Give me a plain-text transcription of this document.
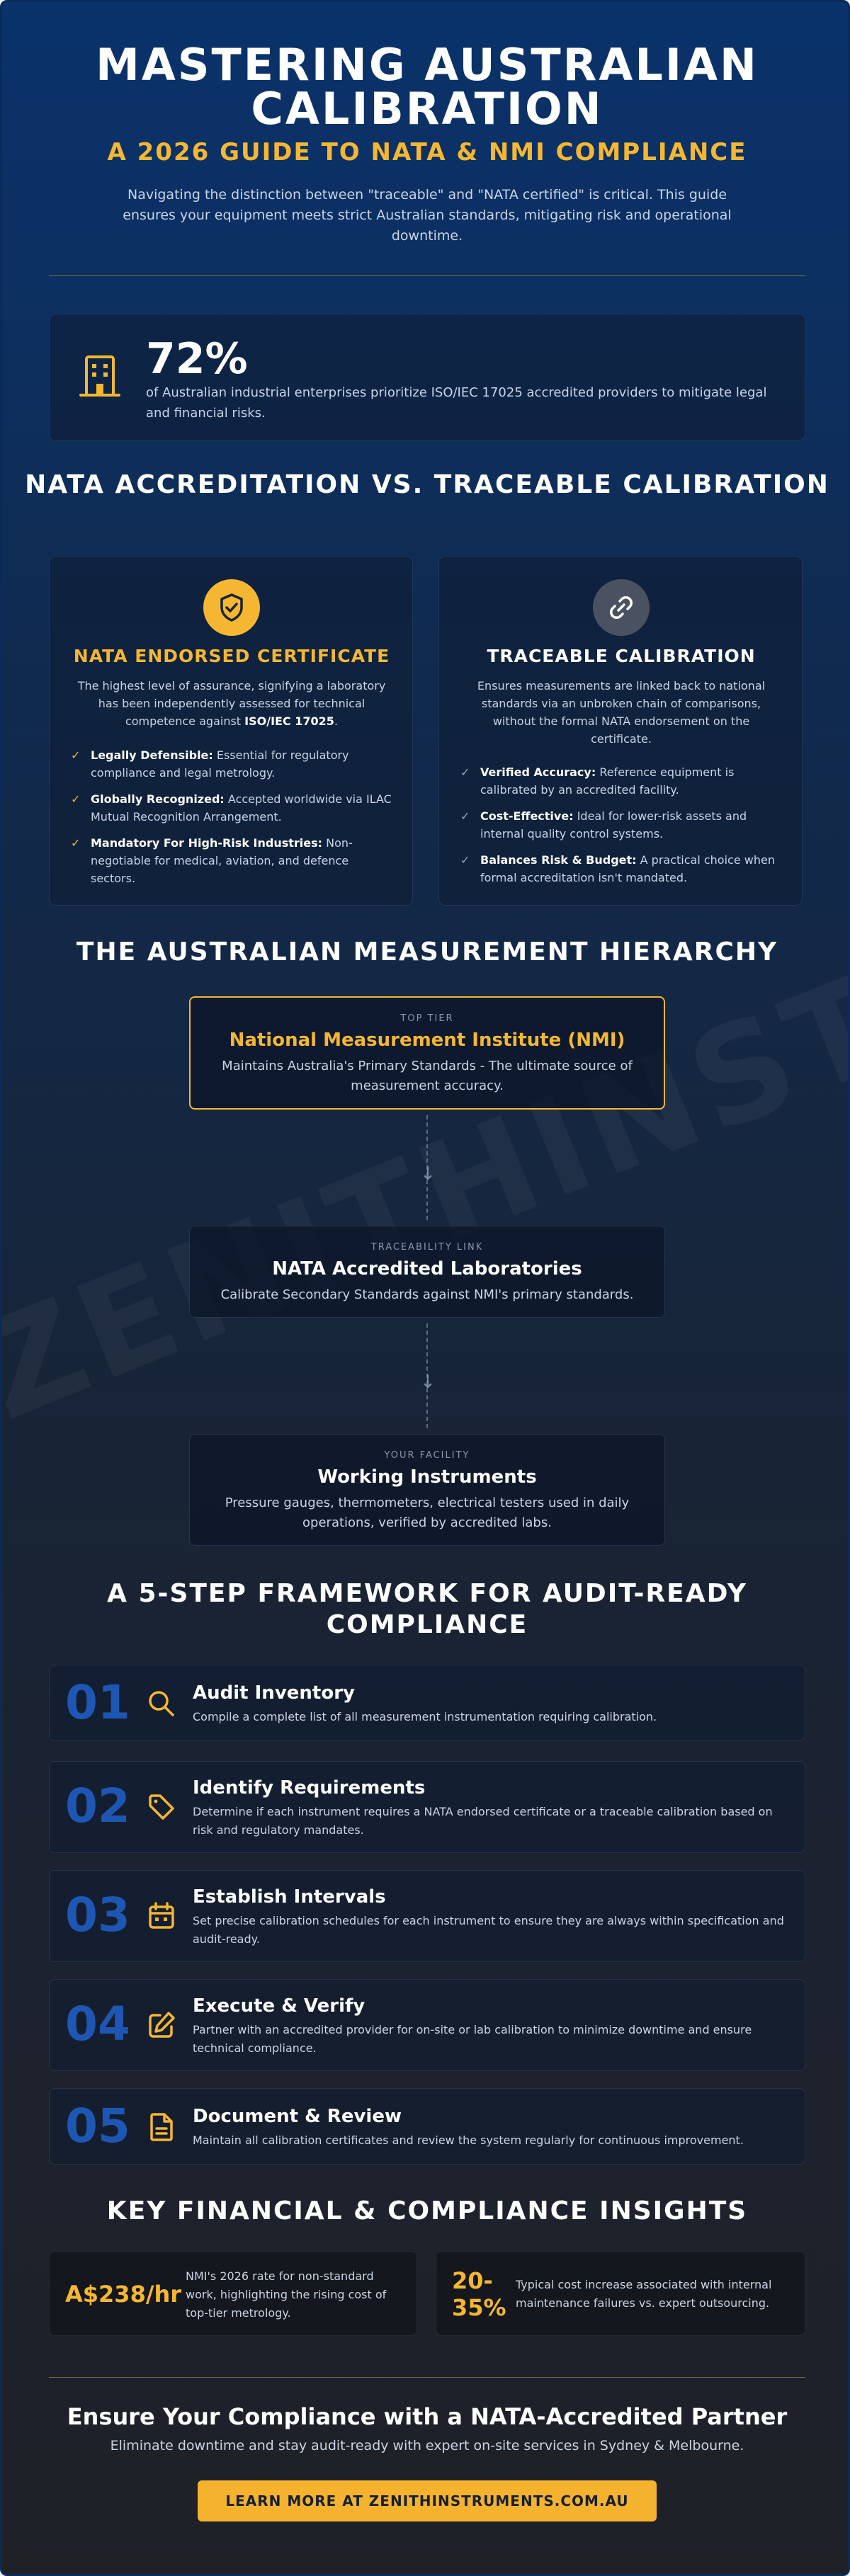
MASTERING AUSTRALIAN
CALIBRATION
A 2026 GUIDE TO NATA & NMI COMPLIANCE
Navigating the distinction between "traceable" and "NATA certified" is critical. This guide ensures your equipment meets strict Australian standards, mitigating risk and operational downtime.
72%
of Australian industrial enterprises prioritize ISO/IEC 17025 accredited providers to mitigate legal and financial risks.
NATA ACCREDITATION VS. TRACEABLE CALIBRATION
NATA ENDORSED CERTIFICATE
The highest level of assurance, signifying a laboratory has been independently assessed for technical competence against ISO/IEC 17025.
✓ Legally Defensible: Essential for regulatory compliance and legal metrology.
✓ Globally Recognized: Accepted worldwide via ILAC Mutual Recognition Arrangement.
✓ Mandatory For High-Risk Industries: Non-negotiable for medical, aviation, and defence sectors.
TRACEABLE CALIBRATION
Ensures measurements are linked back to national standards via an unbroken chain of comparisons, without the formal NATA endorsement on the certificate.
✓ Verified Accuracy: Reference equipment is calibrated by an accredited facility.
✓ Cost-Effective: Ideal for lower-risk assets and internal quality control systems.
✓ Balances Risk & Budget: A practical choice when formal accreditation isn't mandated.
THE AUSTRALIAN MEASUREMENT HIERARCHY
TOP TIER
National Measurement Institute (NMI)
Maintains Australia's Primary Standards - The ultimate source of measurement accuracy.
↓
TRACEABILITY LINK
NATA Accredited Laboratories
Calibrate Secondary Standards against NMI's primary standards.
↓
YOUR FACILITY
Working Instruments
Pressure gauges, thermometers, electrical testers used in daily operations, verified by accredited labs.
A 5-STEP FRAMEWORK FOR AUDIT-READY
COMPLIANCE
01	Audit Inventory
Compile a complete list of all measurement instrumentation requiring calibration.
02	Identify Requirements
Determine if each instrument requires a NATA endorsed certificate or a traceable calibration based on risk and regulatory mandates.
03	Establish Intervals
Set precise calibration schedules for each instrument to ensure they are always within specification and audit-ready.
04	Execute & Verify
Partner with an accredited provider for on-site or lab calibration to minimize downtime and ensure technical compliance.
05	Document & Review
Maintain all calibration certificates and review the system regularly for continuous improvement.
KEY FINANCIAL & COMPLIANCE INSIGHTS
A$238/hr
NMI's 2026 rate for non-standard work, highlighting the rising cost of top-tier metrology.
20-
35%
Typical cost increase associated with internal maintenance failures vs. expert outsourcing.
Ensure Your Compliance with a NATA-Accredited Partner
Eliminate downtime and stay audit-ready with expert on-site services in Sydney & Melbourne.
LEARN MORE AT ZENITHINSTRUMENTS.COM.AU
